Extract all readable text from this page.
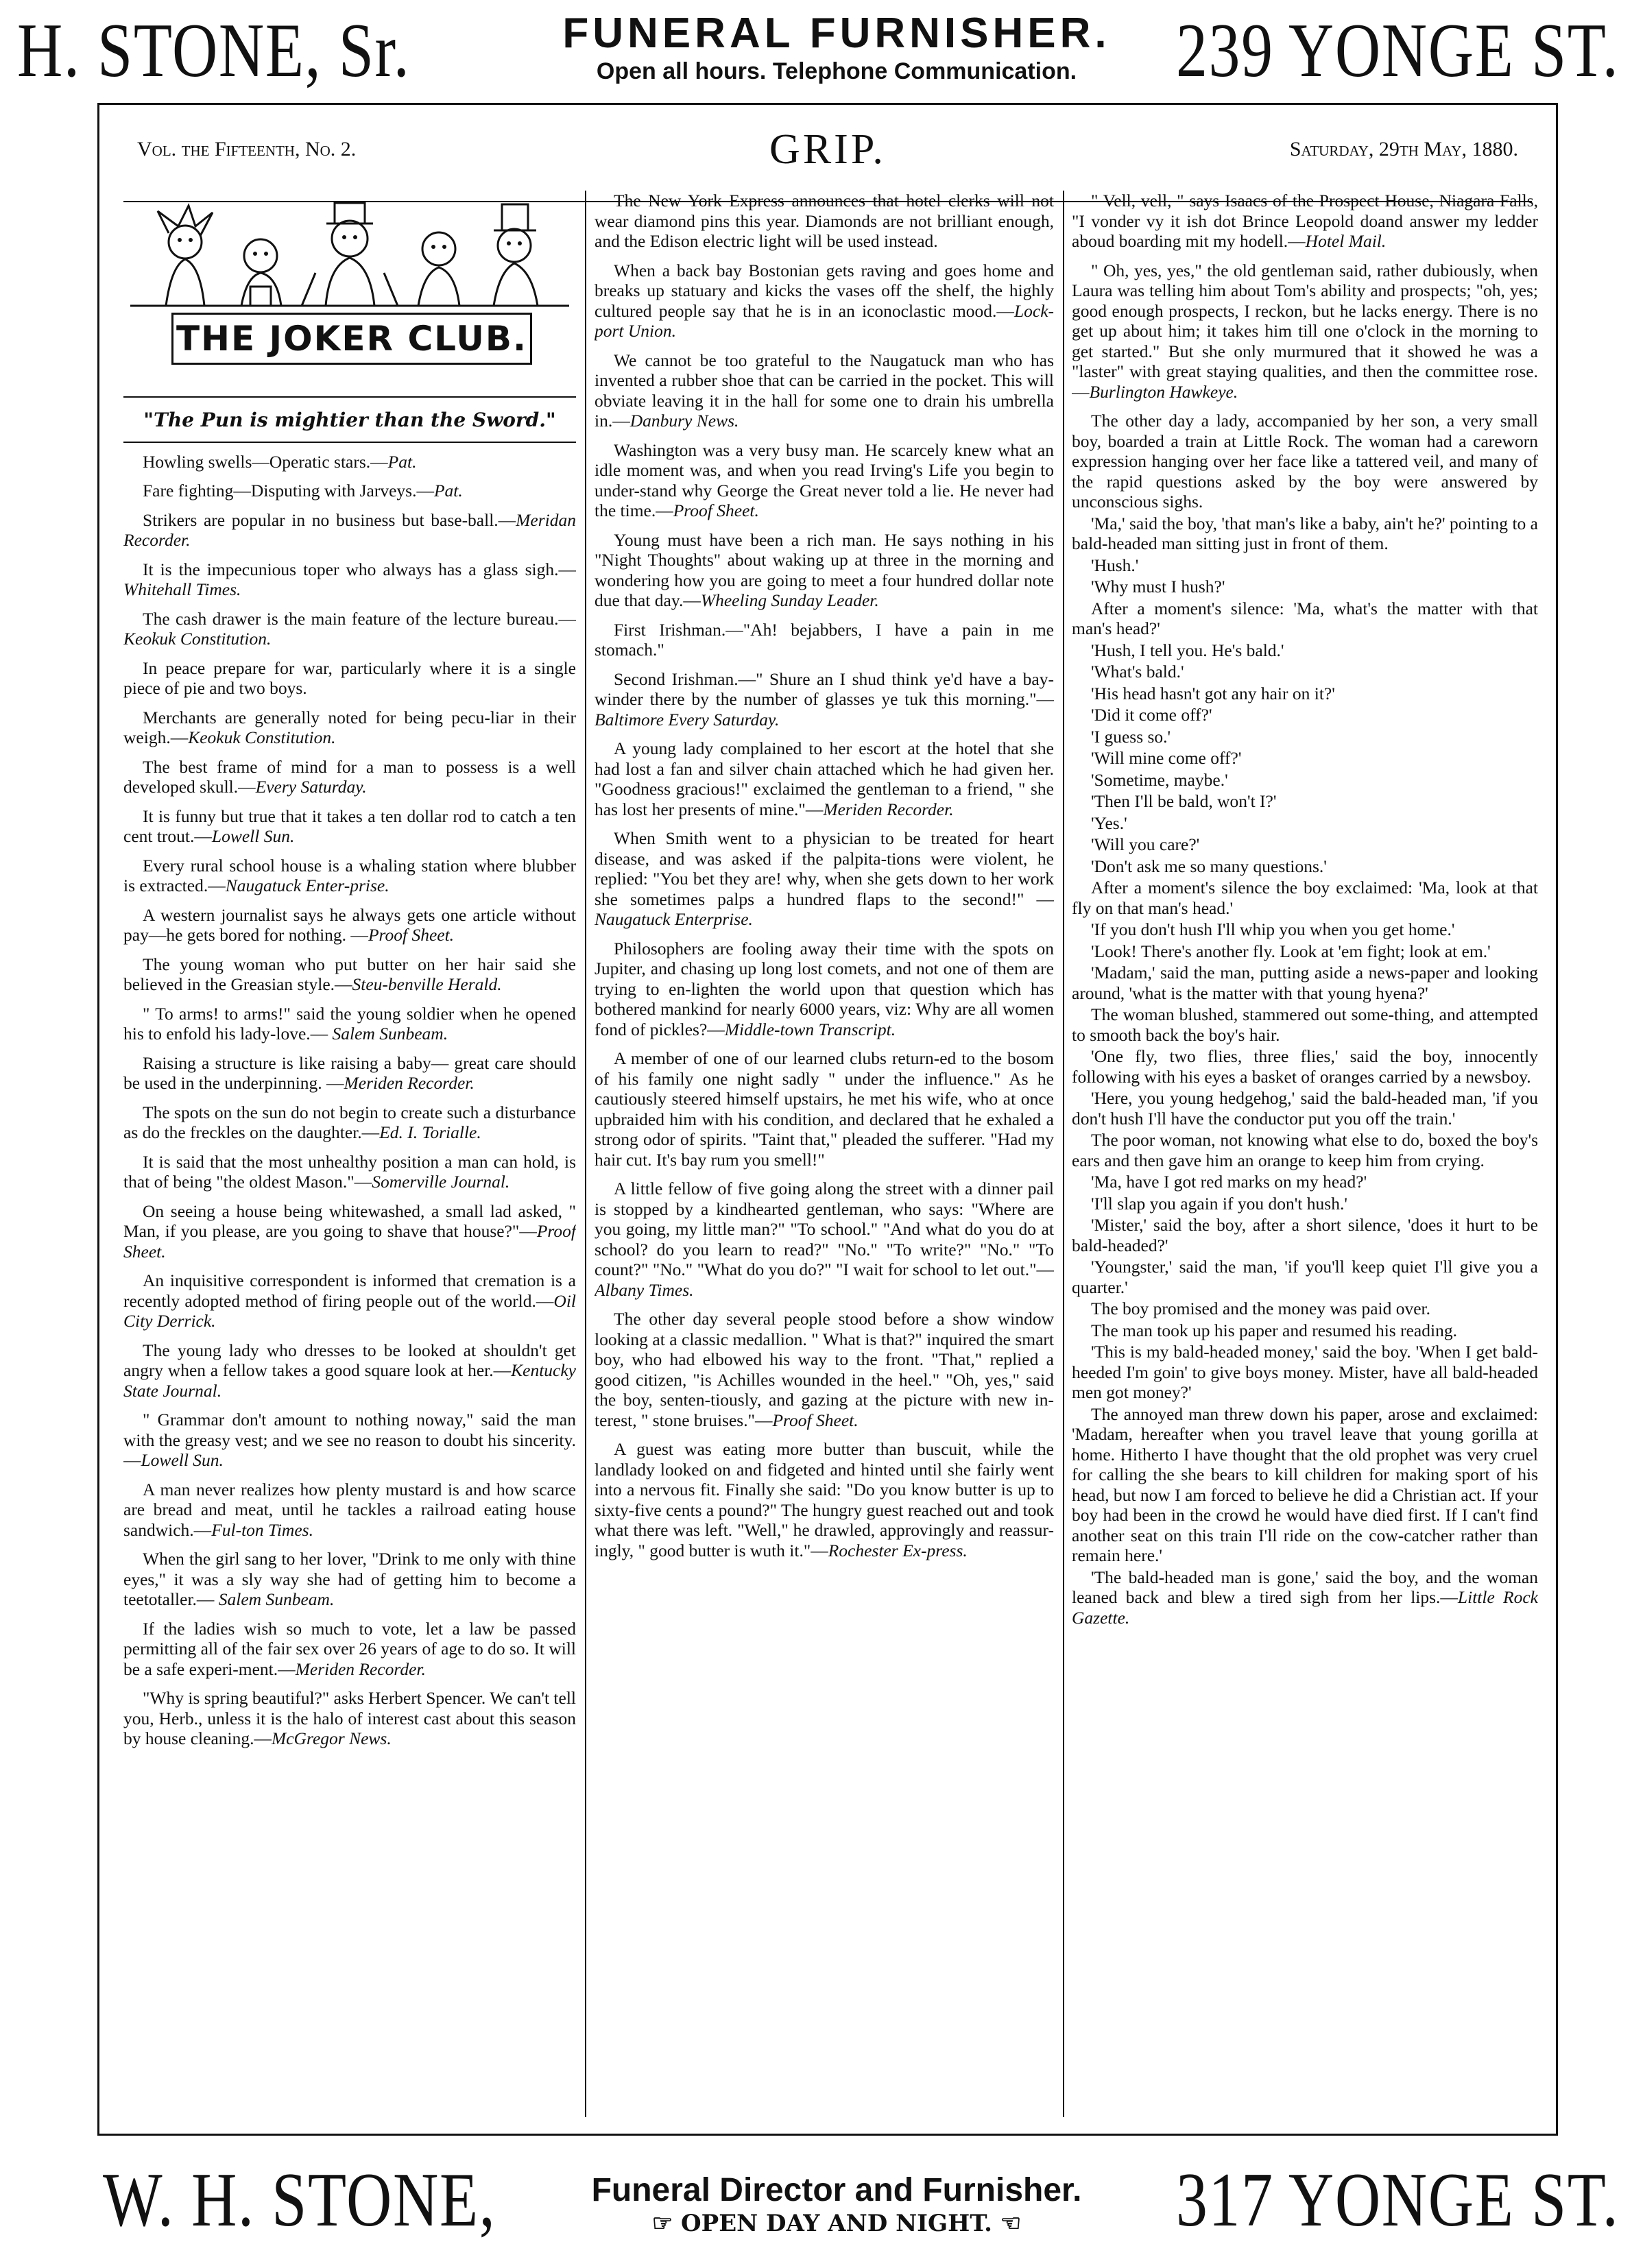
H. STONE, Sr.	FUNERAL FURNISHER.
Open all hours. Telephone Communication.	239 YONGE ST.
Vol. the Fifteenth, No. 2.	GRIP.	Saturday, 29th May, 1880.
THE JOKER CLUB.

"The Pun is mightier than the Sword."

Howling swells—Operatic stars.—Pat.

Fare fighting—Disputing with Jarveys.—Pat.

Strikers are popular in no business but base-ball.—Meridan Recorder.

It is the impecunious toper who always has a glass sigh.— Whitehall Times.

The cash drawer is the main feature of the lecture bureau.—Keokuk Constitution.

In peace prepare for war, particularly where it is a single piece of pie and two boys.

Merchants are generally noted for being pecu-liar in their weigh.—Keokuk Constitution.

The best frame of mind for a man to possess is a well developed skull.—Every Saturday.

It is funny but true that it takes a ten dollar rod to catch a ten cent trout.—Lowell Sun.

Every rural school house is a whaling station where blubber is extracted.—Naugatuck Enter-prise.

A western journalist says he always gets one article without pay—he gets bored for nothing. —Proof Sheet.

The young woman who put butter on her hair said she believed in the Greasian style.—Steu-benville Herald.

" To arms! to arms!" said the young soldier when he opened his to enfold his lady-love.— Salem Sunbeam.

Raising a structure is like raising a baby— great care should be used in the underpinning. —Meriden Recorder.

The spots on the sun do not begin to create such a disturbance as do the freckles on the daughter.—Ed. I. Torialle.

It is said that the most unhealthy position a man can hold, is that of being "the oldest Mason."—Somerville Journal.

On seeing a house being whitewashed, a small lad asked, " Man, if you please, are you going to shave that house?"—Proof Sheet.

An inquisitive correspondent is informed that cremation is a recently adopted method of firing people out of the world.—Oil City Derrick.

The young lady who dresses to be looked at shouldn't get angry when a fellow takes a good square look at her.—Kentucky State Journal.

" Grammar don't amount to nothing noway," said the man with the greasy vest; and we see no reason to doubt his sincerity.—Lowell Sun.

A man never realizes how plenty mustard is and how scarce are bread and meat, until he tackles a railroad eating house sandwich.—Ful-ton Times.

When the girl sang to her lover, "Drink to me only with thine eyes," it was a sly way she had of getting him to become a teetotaller.— Salem Sunbeam.

If the ladies wish so much to vote, let a law be passed permitting all of the fair sex over 26 years of age to do so. It will be a safe experi-ment.—Meriden Recorder.

"Why is spring beautiful?" asks Herbert Spencer. We can't tell you, Herb., unless it is the halo of interest cast about this season by house cleaning.—McGregor News.

The New York Express announces that hotel clerks will not wear diamond pins this year. Diamonds are not brilliant enough, and the Edison electric light will be used instead.

When a back bay Bostonian gets raving and goes home and breaks up statuary and kicks the vases off the shelf, the highly cultured people say that he is in an iconoclastic mood.—Lock-port Union.

We cannot be too grateful to the Naugatuck man who has invented a rubber shoe that can be carried in the pocket. This will obviate leaving it in the hall for some one to drain his umbrella in.—Danbury News.

Washington was a very busy man. He scarcely knew what an idle moment was, and when you read Irving's Life you begin to under-stand why George the Great never told a lie. He never had the time.—Proof Sheet.

Young must have been a rich man. He says nothing in his "Night Thoughts" about waking up at three in the morning and wondering how you are going to meet a four hundred dollar note due that day.—Wheeling Sunday Leader.

First Irishman.—"Ah! bejabbers, I have a pain in me stomach."

Second Irishman.—" Shure an I shud think ye'd have a bay-winder there by the number of glasses ye tuk this morning."—Baltimore Every Saturday.

A young lady complained to her escort at the hotel that she had lost a fan and silver chain attached which he had given her. "Goodness gracious!" exclaimed the gentleman to a friend, " she has lost her presents of mine."—Meriden Recorder.

When Smith went to a physician to be treated for heart disease, and was asked if the palpita-tions were violent, he replied: "You bet they are! why, when she gets down to her work she sometimes palps a hundred flaps to the second!" —Naugatuck Enterprise.

Philosophers are fooling away their time with the spots on Jupiter, and chasing up long lost comets, and not one of them are trying to en-lighten the world upon that question which has bothered mankind for nearly 6000 years, viz: Why are all women fond of pickles?—Middle-town Transcript.

A member of one of our learned clubs return-ed to the bosom of his family one night sadly " under the influence." As he cautiously steered himself upstairs, he met his wife, who at once upbraided him with his condition, and declared that he exhaled a strong odor of spirits. "Taint that," pleaded the sufferer. "Had my hair cut. It's bay rum you smell!"

A little fellow of five going along the street with a dinner pail is stopped by a kindhearted gentleman, who says: "Where are you going, my little man?" "To school." "And what do you do at school? do you learn to read?" "No." "To write?" "No." "To count?" "No." "What do you do?" "I wait for school to let out."—Albany Times.

The other day several people stood before a show window looking at a classic medallion. " What is that?" inquired the smart boy, who had elbowed his way to the front. "That," replied a good citizen, "is Achilles wounded in the heel." "Oh, yes," said the boy, senten-tiously, and gazing at the picture with new in-terest, " stone bruises."—Proof Sheet.

A guest was eating more butter than buscuit, while the landlady looked on and fidgeted and hinted until she fairly went into a nervous fit. Finally she said: "Do you know butter is up to sixty-five cents a pound?" The hungry guest reached out and took what there was left. "Well," he drawled, approvingly and reassur-ingly, " good butter is wuth it."—Rochester Ex-press.

" Vell, vell, " says Isaacs of the Prospect House, Niagara Falls, "I vonder vy it ish dot Brince Leopold doand answer my ledder aboud boarding mit my hodell.—Hotel Mail.

" Oh, yes, yes," the old gentleman said, rather dubiously, when Laura was telling him about Tom's ability and prospects; "oh, yes; good enough prospects, I reckon, but he lacks energy. There is no get up about him; it takes him till one o'clock in the morning to get started." But she only murmured that it showed he was a "laster" with great staying qualities, and then the committee rose.—Burlington Hawkeye.

The other day a lady, accompanied by her son, a very small boy, boarded a train at Little Rock. The woman had a careworn expression hanging over her face like a tattered veil, and many of the rapid questions asked by the boy were answered by unconscious sighs.

'Ma,' said the boy, 'that man's like a baby, ain't he?' pointing to a bald-headed man sitting just in front of them.

'Hush.'

'Why must I hush?'

After a moment's silence: 'Ma, what's the matter with that man's head?'

'Hush, I tell you. He's bald.'

'What's bald.'

'His head hasn't got any hair on it?'

'Did it come off?'

'I guess so.'

'Will mine come off?'

'Sometime, maybe.'

'Then I'll be bald, won't I?'

'Yes.'

'Will you care?'

'Don't ask me so many questions.'

After a moment's silence the boy exclaimed: 'Ma, look at that fly on that man's head.'

'If you don't hush I'll whip you when you get home.'

'Look! There's another fly. Look at 'em fight; look at em.'

'Madam,' said the man, putting aside a news-paper and looking around, 'what is the matter with that young hyena?'

The woman blushed, stammered out some-thing, and attempted to smooth back the boy's hair.

'One fly, two flies, three flies,' said the boy, innocently following with his eyes a basket of oranges carried by a newsboy.

'Here, you young hedgehog,' said the bald-headed man, 'if you don't hush I'll have the conductor put you off the train.'

The poor woman, not knowing what else to do, boxed the boy's ears and then gave him an orange to keep him from crying.

'Ma, have I got red marks on my head?'

'I'll slap you again if you don't hush.'

'Mister,' said the boy, after a short silence, 'does it hurt to be bald-headed?'

'Youngster,' said the man, 'if you'll keep quiet I'll give you a quarter.'

The boy promised and the money was paid over.

The man took up his paper and resumed his reading.

'This is my bald-headed money,' said the boy. 'When I get bald-heeded I'm goin' to give boys money. Mister, have all bald-headed men got money?'

The annoyed man threw down his paper, arose and exclaimed: 'Madam, hereafter when you travel leave that young gorilla at home. Hitherto I have thought that the old prophet was very cruel for calling the she bears to kill children for making sport of his head, but now I am forced to believe he did a Christian act. If your boy had been in the crowd he would have died first. If I can't find another seat on this train I'll ride on the cow-catcher rather than remain here.'

'The bald-headed man is gone,' said the boy, and the woman leaned back and blew a tired sigh from her lips.—Little Rock Gazette.

W. H. STONE,	Funeral Director and Furnisher.
☞ OPEN DAY AND NIGHT. ☜	317 YONGE ST.
